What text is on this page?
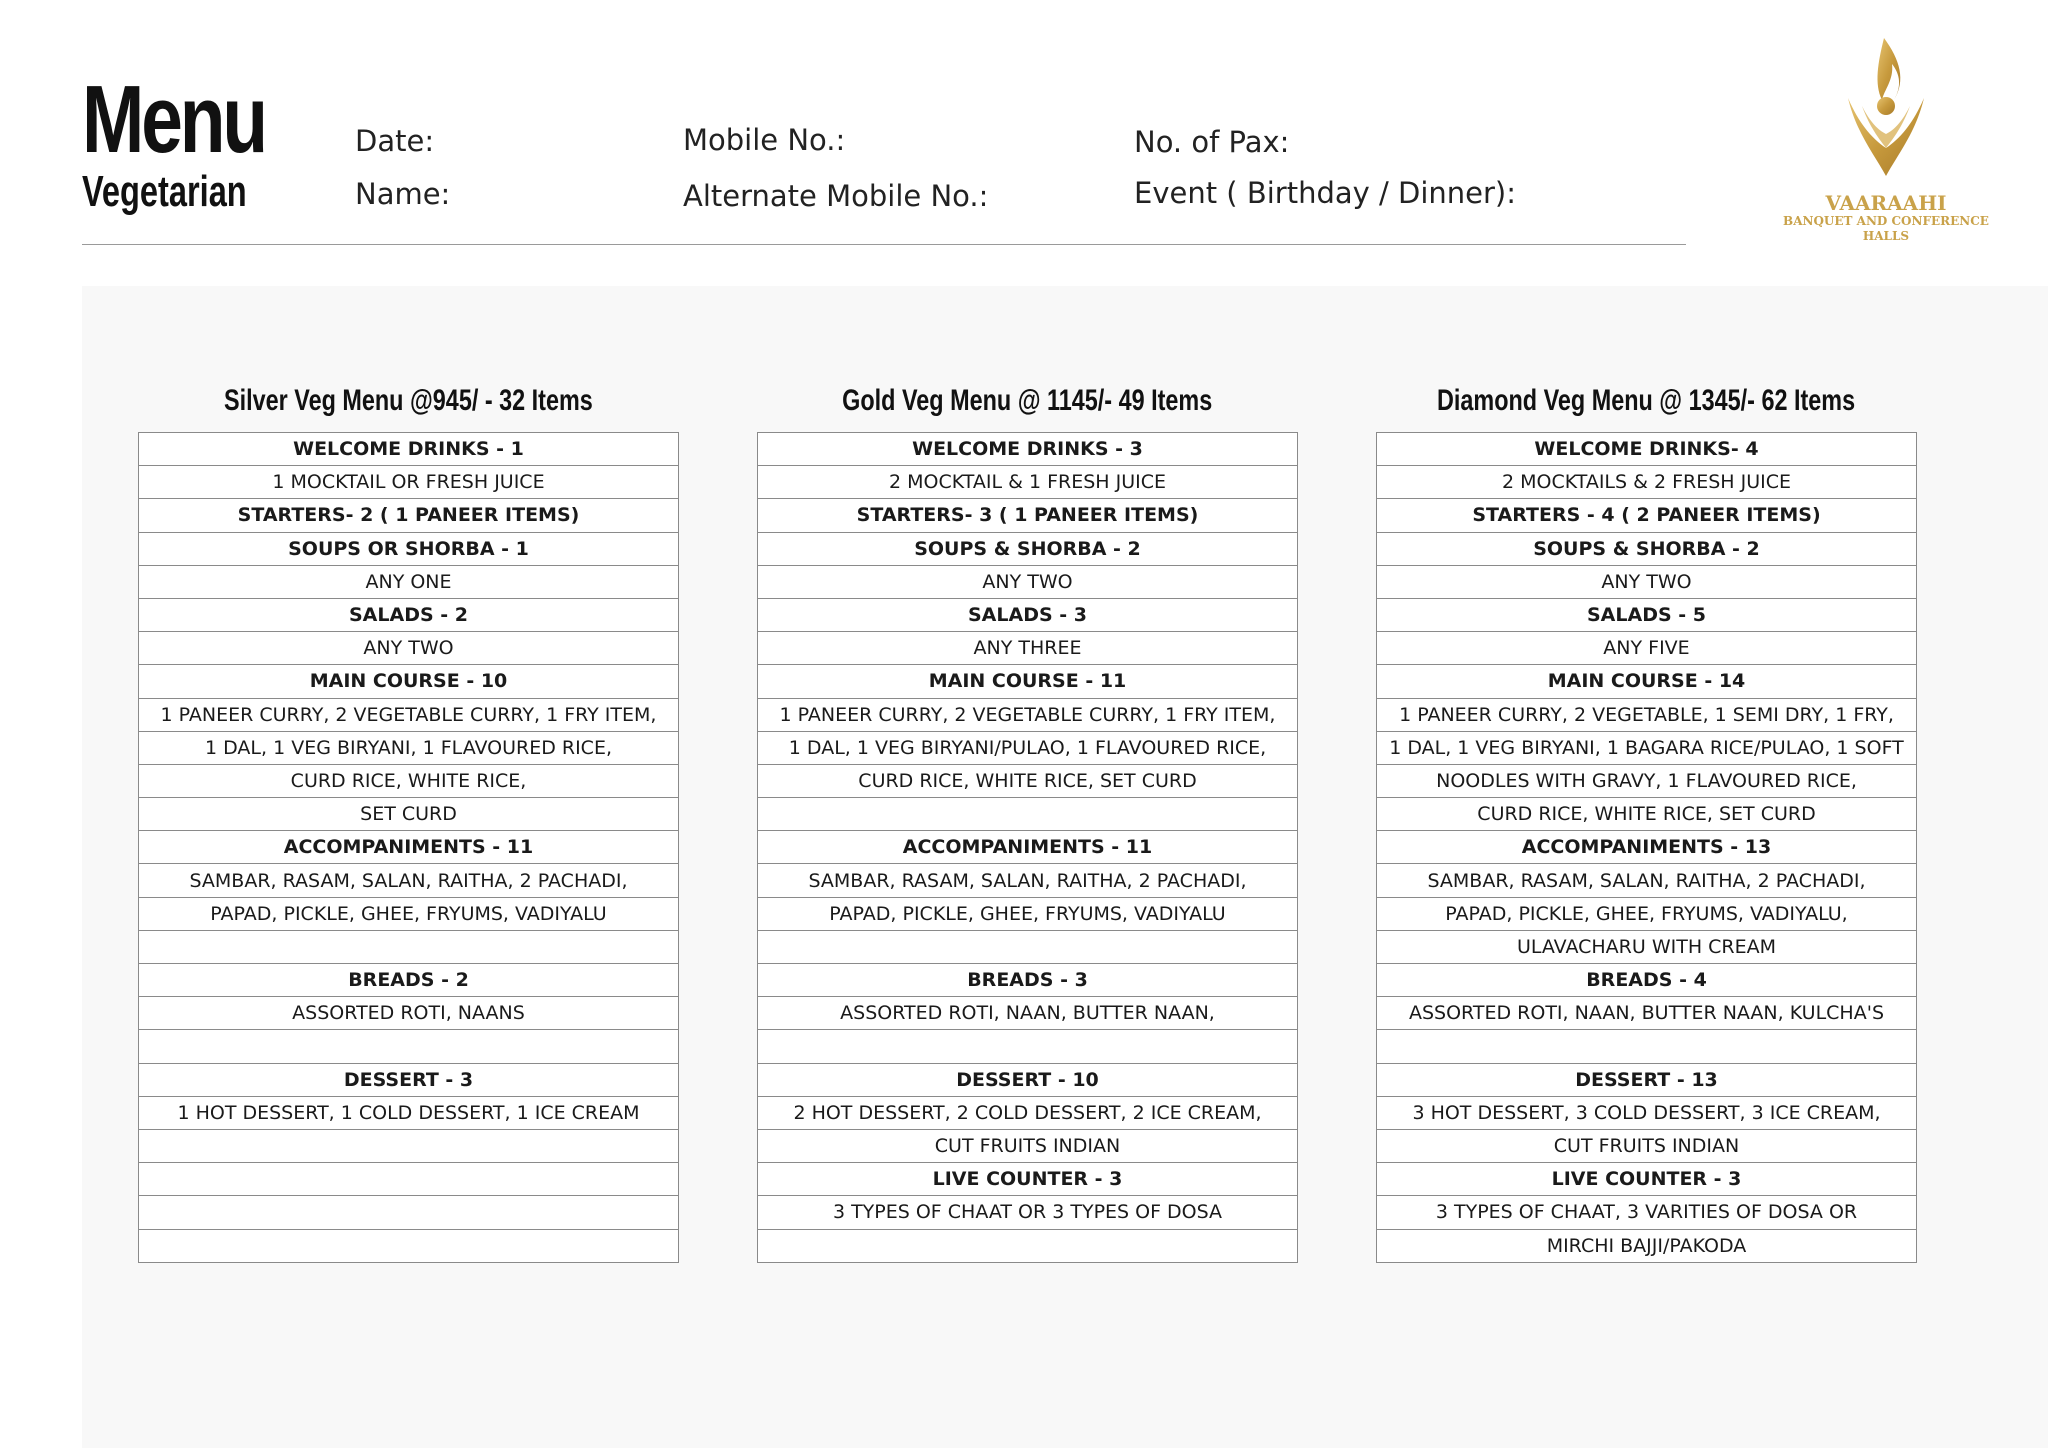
Menu
Vegetarian
Date:
Name:
Mobile No.:
Alternate Mobile No.:
No. of Pax:
Event ( Birthday / Dinner):	VAARAAHI
BANQUET AND CONFERENCE
HALLS
Silver Veg Menu @945/ - 32 Items
WELCOME DRINKS - 1
1 MOCKTAIL OR FRESH JUICE
STARTERS- 2 ( 1 PANEER ITEMS)
SOUPS OR SHORBA - 1
ANY ONE
SALADS - 2
ANY TWO
MAIN COURSE - 10
1 PANEER CURRY, 2 VEGETABLE CURRY, 1 FRY ITEM,
1 DAL, 1 VEG BIRYANI, 1 FLAVOURED RICE,
CURD RICE, WHITE RICE,
SET CURD
ACCOMPANIMENTS - 11
SAMBAR, RASAM, SALAN, RAITHA, 2 PACHADI,
PAPAD, PICKLE, GHEE, FRYUMS, VADIYALU

BREADS - 2
ASSORTED ROTI, NAANS

DESSERT - 3
1 HOT DESSERT, 1 COLD DESSERT, 1 ICE CREAM

Gold Veg Menu @ 1145/- 49 Items
WELCOME DRINKS - 3
2 MOCKTAIL & 1 FRESH JUICE
STARTERS- 3 ( 1 PANEER ITEMS)
SOUPS & SHORBA - 2
ANY TWO
SALADS - 3
ANY THREE
MAIN COURSE - 11
1 PANEER CURRY, 2 VEGETABLE CURRY, 1 FRY ITEM,
1 DAL, 1 VEG BIRYANI/PULAO, 1 FLAVOURED RICE,
CURD RICE, WHITE RICE, SET CURD

ACCOMPANIMENTS - 11
SAMBAR, RASAM, SALAN, RAITHA, 2 PACHADI,
PAPAD, PICKLE, GHEE, FRYUMS, VADIYALU

BREADS - 3
ASSORTED ROTI, NAAN, BUTTER NAAN,

DESSERT - 10
2 HOT DESSERT, 2 COLD DESSERT, 2 ICE CREAM,
CUT FRUITS INDIAN
LIVE COUNTER - 3
3 TYPES OF CHAAT OR 3 TYPES OF DOSA

Diamond Veg Menu @ 1345/- 62 Items
WELCOME DRINKS- 4
2 MOCKTAILS & 2 FRESH JUICE
STARTERS - 4 ( 2 PANEER ITEMS)
SOUPS & SHORBA - 2
ANY TWO
SALADS - 5
ANY FIVE
MAIN COURSE - 14
1 PANEER CURRY, 2 VEGETABLE, 1 SEMI DRY, 1 FRY,
1 DAL, 1 VEG BIRYANI, 1 BAGARA RICE/PULAO, 1 SOFT
NOODLES WITH GRAVY, 1 FLAVOURED RICE,
CURD RICE, WHITE RICE, SET CURD
ACCOMPANIMENTS - 13
SAMBAR, RASAM, SALAN, RAITHA, 2 PACHADI,
PAPAD, PICKLE, GHEE, FRYUMS, VADIYALU,
ULAVACHARU WITH CREAM
BREADS - 4
ASSORTED ROTI, NAAN, BUTTER NAAN, KULCHA'S

DESSERT - 13
3 HOT DESSERT, 3 COLD DESSERT, 3 ICE CREAM,
CUT FRUITS INDIAN
LIVE COUNTER - 3
3 TYPES OF CHAAT, 3 VARITIES OF DOSA OR
MIRCHI BAJJI/PAKODA
